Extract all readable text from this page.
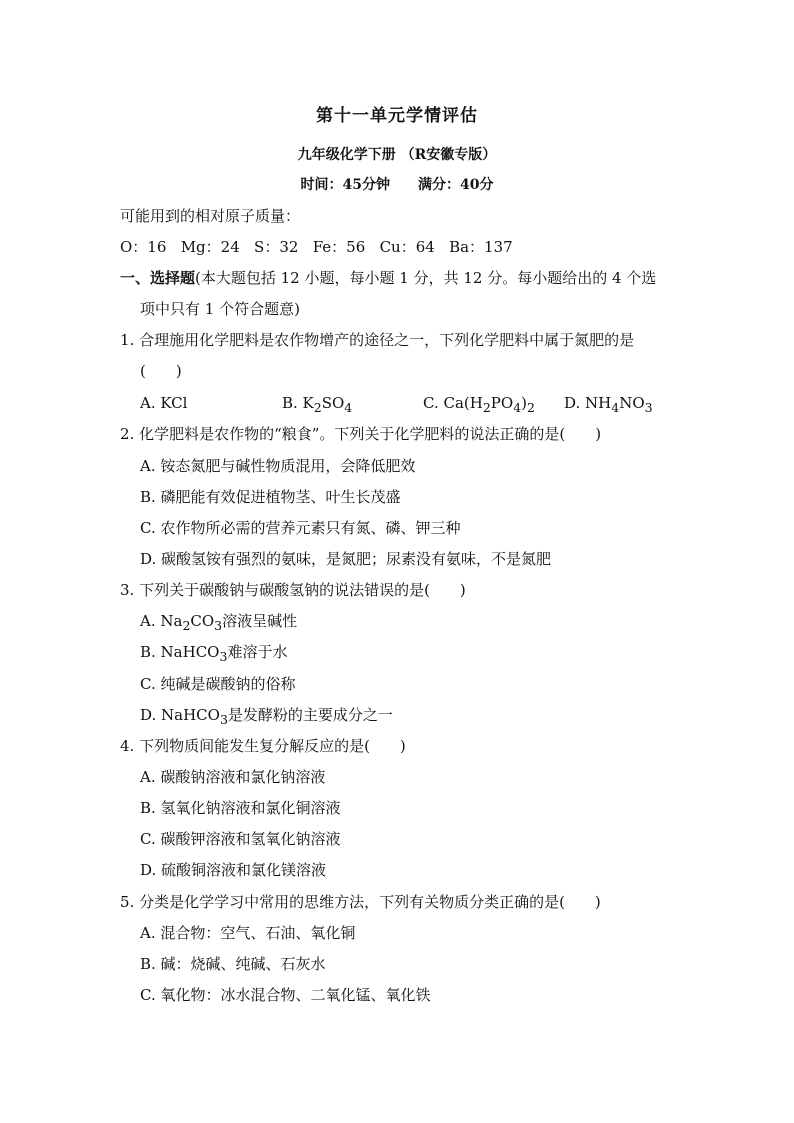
第十一单元学情评估
九年级化学下册 （R安徽专版）
时间：45分钟 满分：40分
可能用到的相对原子质量：
O：16   Mg：24   S：32   Fe：56   Cu：64   Ba：137
一、选择题(本大题包括 12 小题，每小题 1 分，共 12 分。每小题给出的 4 个选
项中只有 1 个符合题意)
1. 合理施用化学肥料是农作物增产的途径之一，下列化学肥料中属于氮肥的是
(　　)
A. KCl	B. $K_2SO_4$	C. $Ca(H_2PO_4)_2$ D. $NH_4NO_3$
2. 化学肥料是农作物的“粮食”。下列关于化学肥料的说法正确的是(　　)
A. 铵态氮肥与碱性物质混用，会降低肥效
B. 磷肥能有效促进植物茎、叶生长茂盛
C. 农作物所必需的营养元素只有氮、磷、钾三种
D. 碳酸氢铵有强烈的氨味，是氮肥；尿素没有氨味，不是氮肥
3. 下列关于碳酸钠与碳酸氢钠的说法错误的是(　　)
A. $Na_2CO_3$溶液呈碱性
B. NaHCO$_3$难溶于水
C. 纯碱是碳酸钠的俗称
D. NaHCO$_3$是发酵粉的主要成分之一
4. 下列物质间能发生复分解反应的是(　　)
A. 碳酸钠溶液和氯化钠溶液
B. 氢氧化钠溶液和氯化铜溶液
C. 碳酸钾溶液和氢氧化钠溶液
D. 硫酸铜溶液和氯化镁溶液
5. 分类是化学学习中常用的思维方法，下列有关物质分类正确的是(　　)
A. 混合物：空气、石油、氧化铜
B. 碱：烧碱、纯碱、石灰水
C. 氧化物：冰水混合物、二氧化锰、氧化铁
